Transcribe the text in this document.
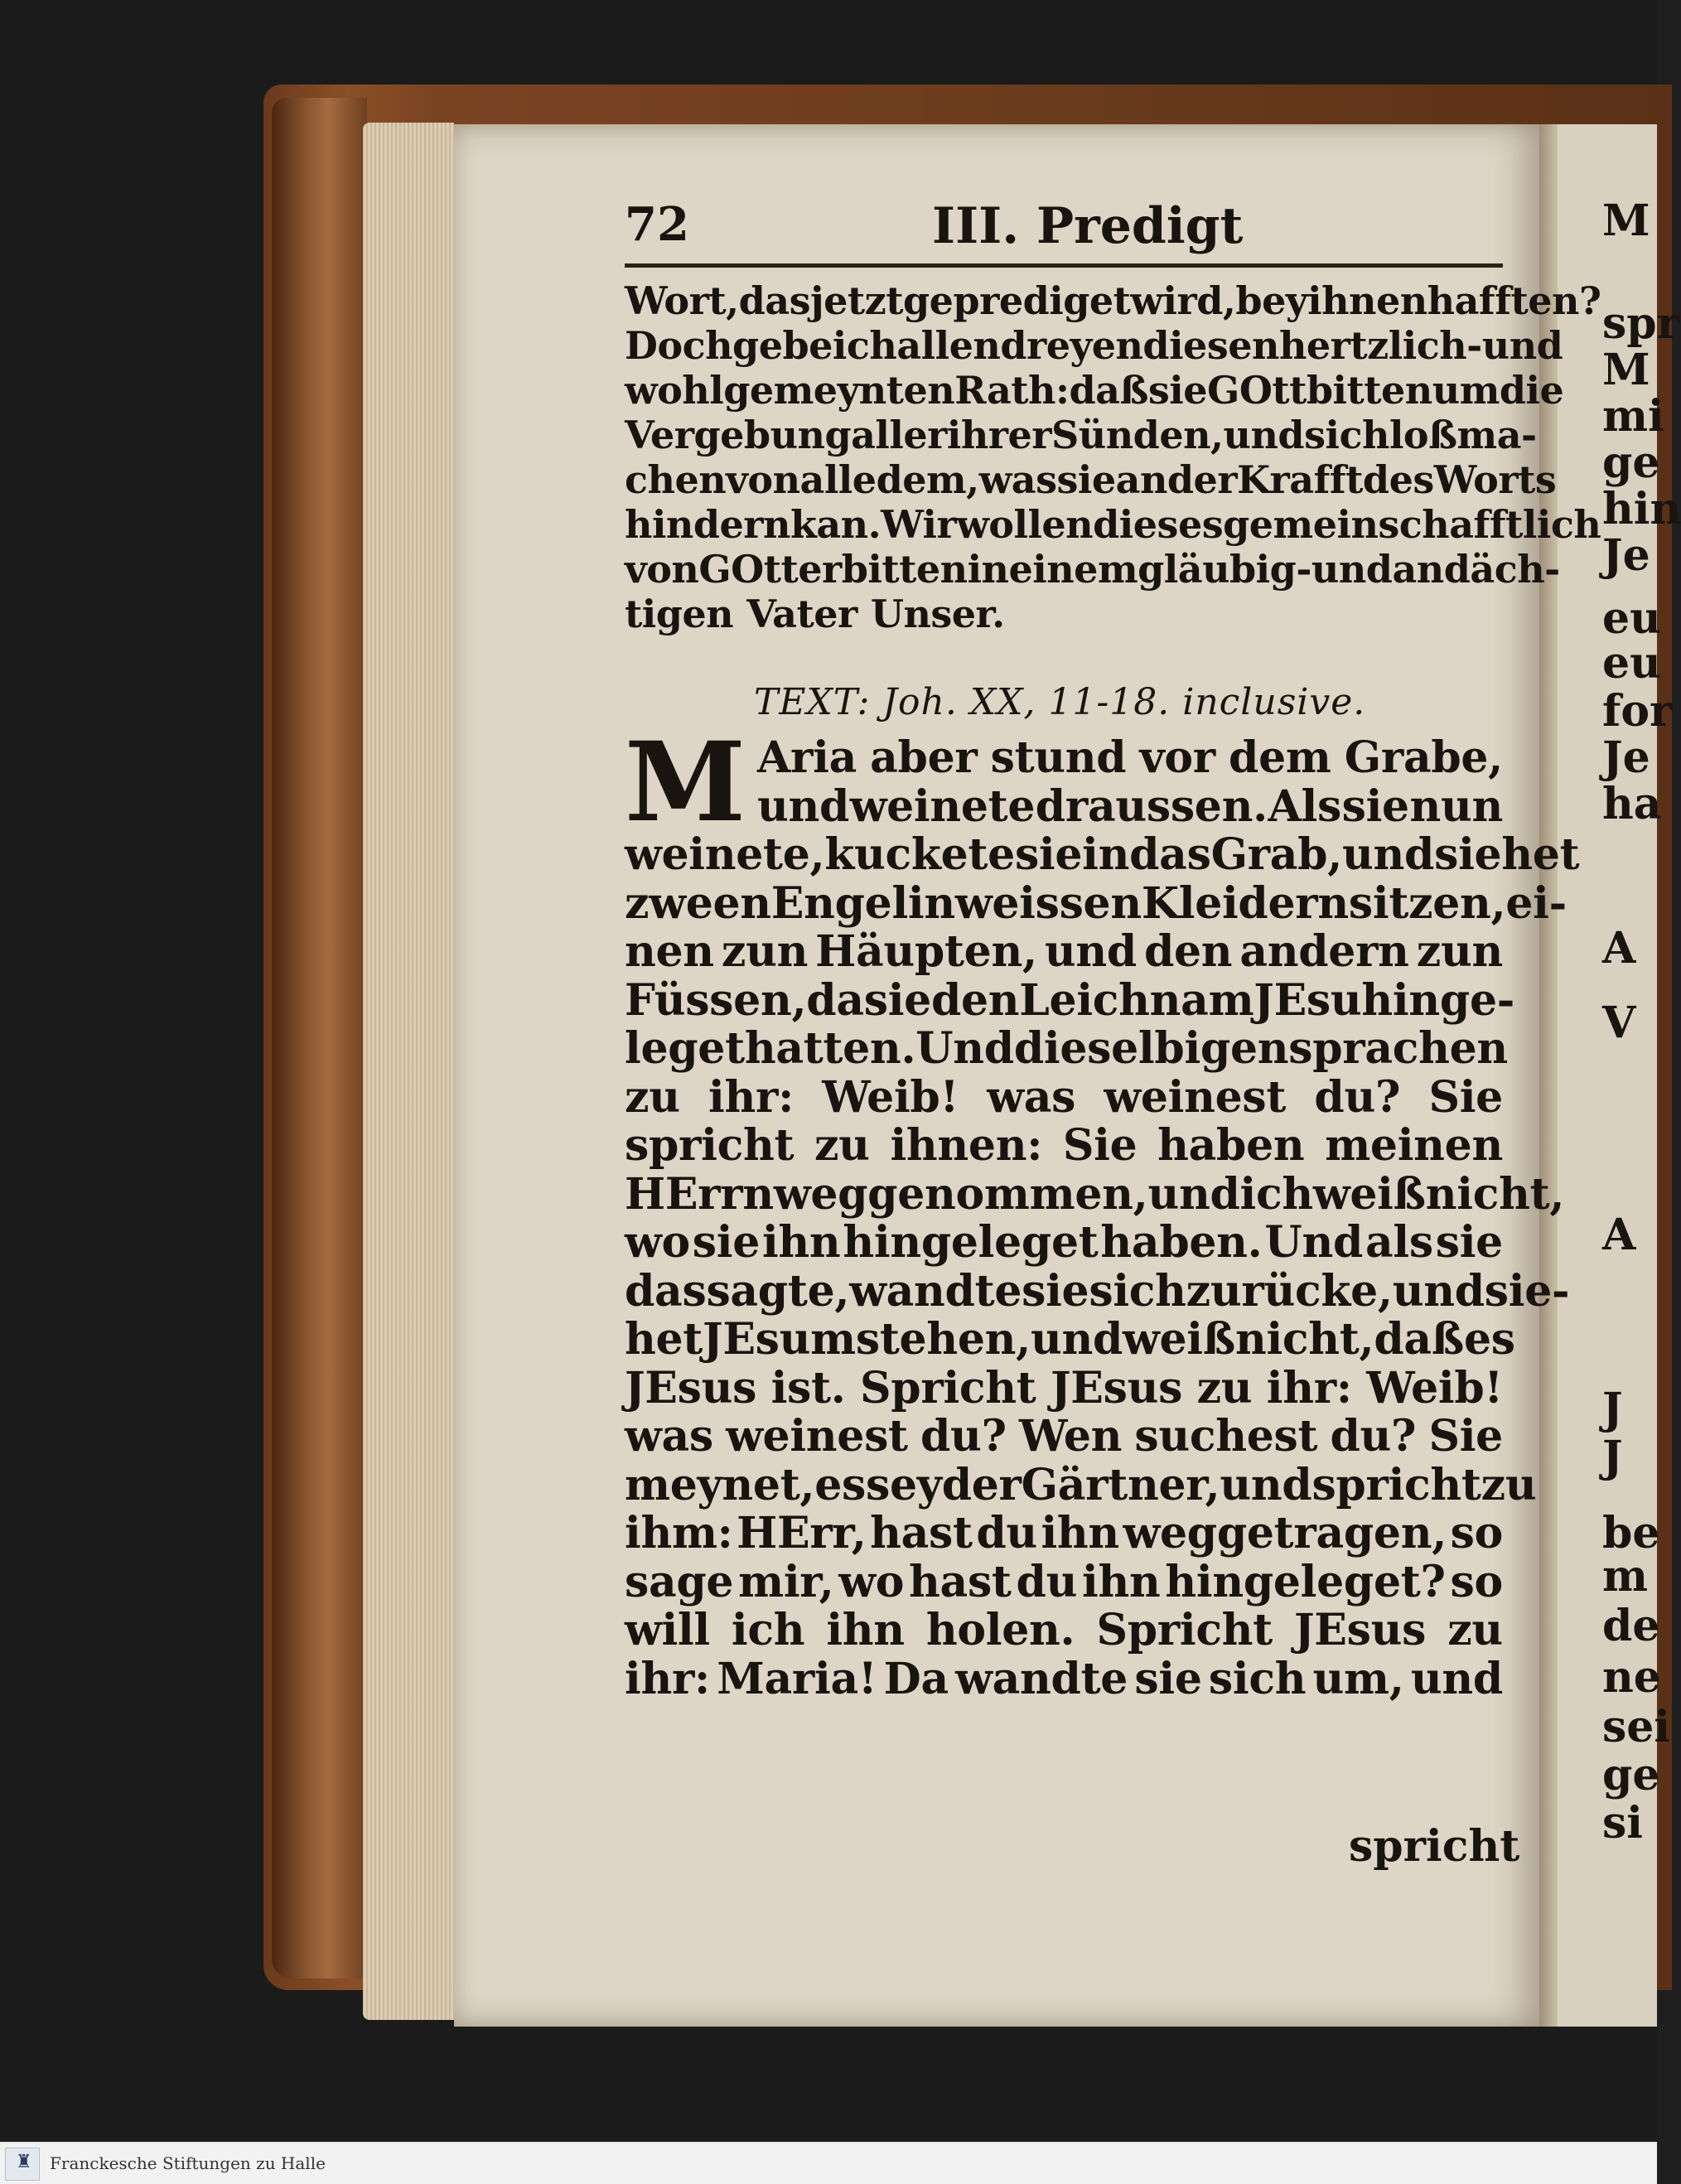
72	III. Predigt
Wort, das jetzt geprediget wird, bey ihnen hafften?
Doch gebe ich allen dreyen diesen hertzlich- und
wohlgemeynten Rath: daß sie GOtt bitten um die
Vergebung aller ihrer Sünden, und sich loß ma-
chen von alle dem, was sie an der Krafft des Worts
hindern kan. Wir wollen dieses gemeinschafftlich
von GOtt erbitten in einem gläubig- und andäch-
tigen Vater Unser.
TEXT: Joh. XX, 11-18. inclusive.
M Aria aber stund vor dem Grabe,
und weinete draussen. Als sie nun
weinete, kuckete sie in das Grab, und siehet
zween Engel in weissen Kleidern sitzen, ei-
nen zun Häupten, und den andern zun
Füssen, da sie den Leichnam JEsu hinge-
leget hatten. Und dieselbigen sprachen
zu ihr: Weib! was weinest du? Sie
spricht zu ihnen: Sie haben meinen
HErrn weggenommen, und ich weiß nicht,
wo sie ihn hingeleget haben. Und als sie
das sagte, wandte sie sich zurücke, und sie-
het JEsum stehen, und weiß nicht, daß es
JEsus ist. Spricht JEsus zu ihr: Weib!
was weinest du? Wen suchest du? Sie
meynet, es sey der Gärtner, und spricht zu
ihm: HErr, hast du ihn weggetragen, so
sage mir, wo hast du ihn hingeleget? so
will ich ihn holen. Spricht JEsus zu
ihr: Maria! Da wandte sie sich um, und
spricht
M
spr
M
mi
ge
hin
Je
eu
eu
for
Je
ha
A
V
A
J
J
be
m
de
ne
sei
ge
si
♜ Franckesche Stiftungen zu Halle
